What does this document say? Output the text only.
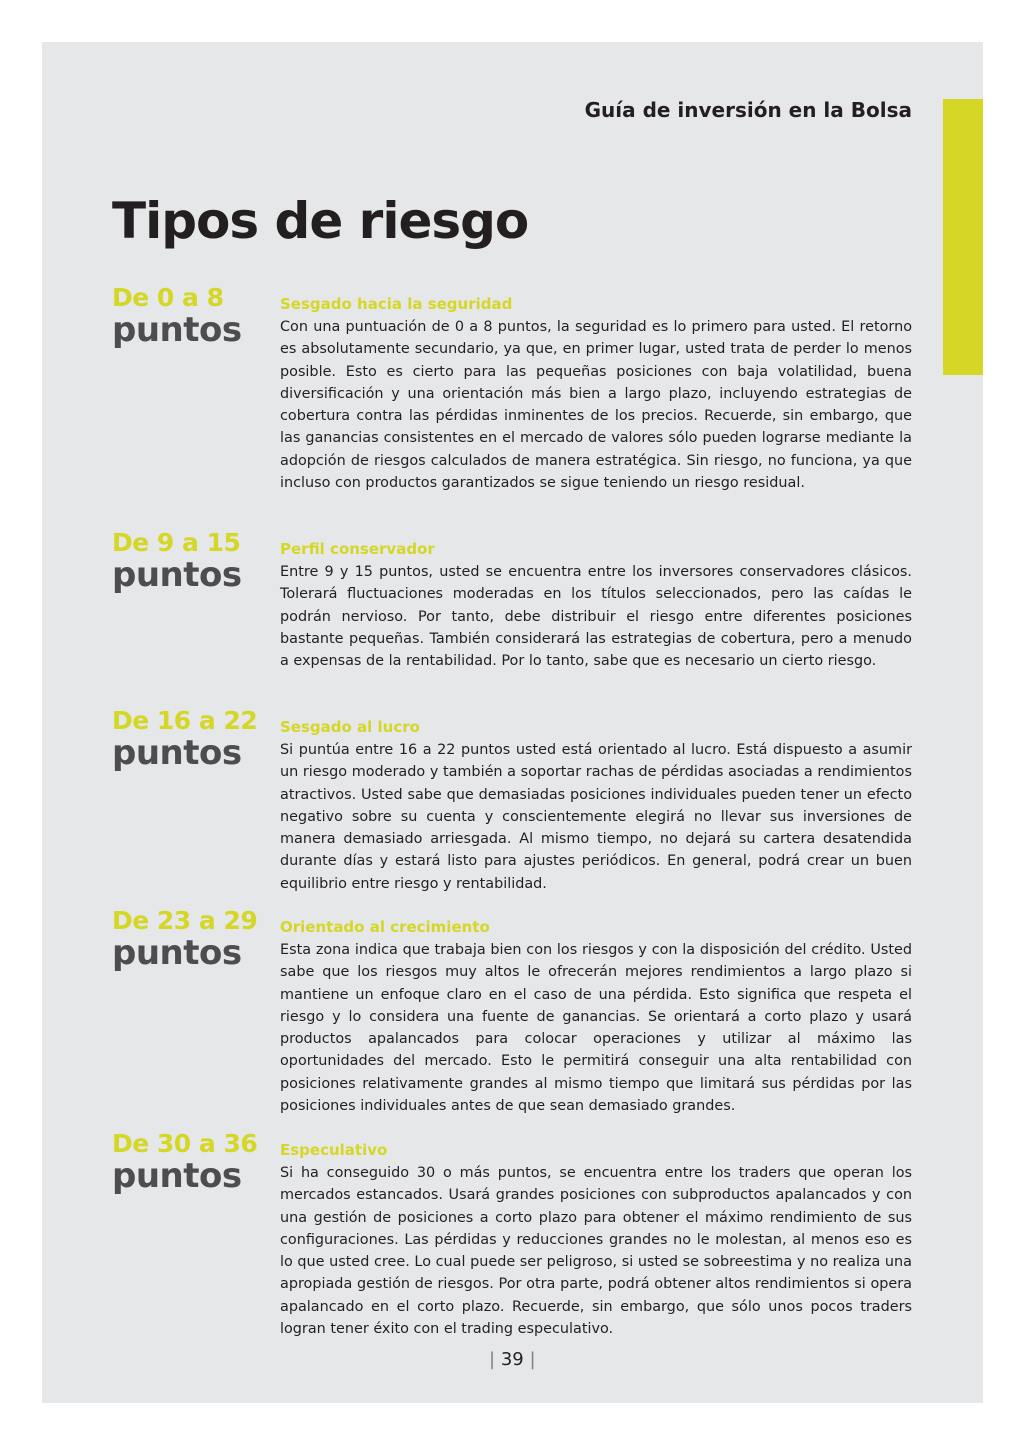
Guía de inversión en la Bolsa
Tipos de riesgo
De 0 a 8
puntos
Sesgado hacia la seguridad

Con una puntuación de 0 a 8 puntos, la seguridad es lo primero para usted. El retorno es absolutamente secundario, ya que, en primer lugar, usted trata de perder lo menos posible. Esto es cierto para las pequeñas posiciones con baja volatilidad, buena diversificación y una orientación más bien a largo plazo, incluyendo estrategias de cobertura contra las pérdidas inminentes de los precios. Recuerde, sin embargo, que las ganancias consistentes en el mercado de valores sólo pueden lograrse mediante la adopción de riesgos calculados de manera estratégica. Sin riesgo, no funciona, ya que incluso con productos garantizados se sigue teniendo un riesgo residual.

De 9 a 15
puntos
Perfil conservador

Entre 9 y 15 puntos, usted se encuentra entre los inversores conservadores clásicos. Tolerará fluctuaciones moderadas en los títulos seleccionados, pero las caídas le podrán nervioso. Por tanto, debe distribuir el riesgo entre diferentes posiciones bastante pequeñas. También considerará las estrategias de cobertura, pero a menudo a expensas de la rentabilidad. Por lo tanto, sabe que es necesario un cierto riesgo.

De 16 a 22
puntos
Sesgado al lucro

Si puntúa entre 16 a 22 puntos usted está orientado al lucro. Está dispuesto a asumir un riesgo moderado y también a soportar rachas de pérdidas asociadas a rendimientos atractivos. Usted sabe que demasiadas posiciones individuales pueden tener un efecto negativo sobre su cuenta y conscientemente elegirá no llevar sus inversiones de manera demasiado arriesgada. Al mismo tiempo, no dejará su cartera desatendida durante días y estará listo para ajustes periódicos. En general, podrá crear un buen equilibrio entre riesgo y rentabilidad.

De 23 a 29
puntos
Orientado al crecimiento

Esta zona indica que trabaja bien con los riesgos y con la disposición del crédito. Usted sabe que los riesgos muy altos le ofrecerán mejores rendimientos a largo plazo si mantiene un enfoque claro en el caso de una pérdida. Esto significa que respeta el riesgo y lo considera una fuente de ganancias. Se orientará a corto plazo y usará productos apalancados para colocar operaciones y utilizar al máximo las oportunidades del mercado. Esto le permitirá conseguir una alta rentabilidad con posiciones relativamente grandes al mismo tiempo que limitará sus pérdidas por las posiciones individuales antes de que sean demasiado grandes.

De 30 a 36
puntos
Especulativo

Si ha conseguido 30 o más puntos, se encuentra entre los traders que operan los mercados estancados. Usará grandes posiciones con subproductos apalancados y con una gestión de posiciones a corto plazo para obtener el máximo rendimiento de sus configuraciones. Las pérdidas y reducciones grandes no le molestan, al menos eso es lo que usted cree. Lo cual puede ser peligroso, si usted se sobreestima y no realiza una apropiada gestión de riesgos. Por otra parte, podrá obtener altos rendimientos si opera apalancado en el corto plazo. Recuerde, sin embargo, que sólo unos pocos traders logran tener éxito con el trading especulativo.

| 39 |
